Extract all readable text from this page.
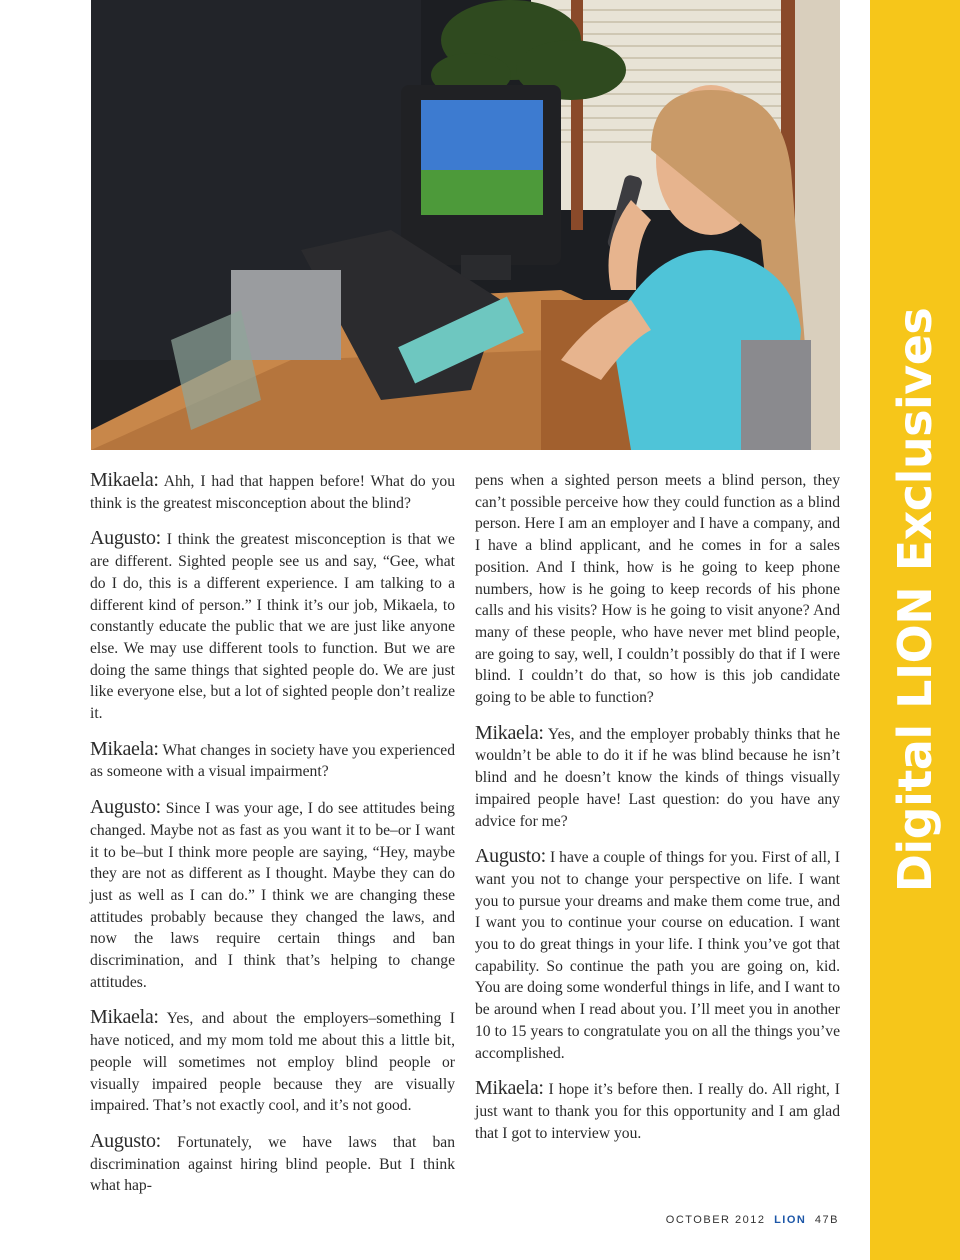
Digital LION Exclusives

Mikaela: Ahh, I had that happen before! What do you think is the greatest misconception about the blind?

Augusto: I think the greatest misconception is that we are different. Sighted people see us and say, “Gee, what do I do, this is a different experience. I am talking to a different kind of person.” I think it’s our job, Mikaela, to constantly educate the public that we are just like anyone else. We may use different tools to function. But we are doing the same things that sighted people do. We are just like everyone else, but a lot of sighted people don’t realize it.

Mikaela: What changes in society have you experienced as someone with a visual impairment?

Augusto: Since I was your age, I do see attitudes being changed. Maybe not as fast as you want it to be–or I want it to be–but I think more people are saying, “Hey, maybe they are not as different as I thought. Maybe they can do just as well as I can do.” I think we are changing these attitudes probably because they changed the laws, and now the laws require certain things and ban discrimination, and I think that’s helping to change attitudes.

Mikaela: Yes, and about the employers–something I have noticed, and my mom told me about this a little bit, people will sometimes not employ blind people or visually impaired people because they are visually impaired. That’s not exactly cool, and it’s not good.

Augusto: Fortunately, we have laws that ban discrimination against hiring blind people. But I think what hap-

pens when a sighted person meets a blind person, they can’t possible perceive how they could function as a blind person. Here I am an employer and I have a company, and I have a blind applicant, and he comes in for a sales position. And I think, how is he going to keep phone numbers, how is he going to keep records of his phone calls and his visits? How is he going to visit anyone? And many of these people, who have never met blind people, are going to say, well, I couldn’t possibly do that if I were blind. I couldn’t do that, so how is this job candidate going to be able to function?

Mikaela: Yes, and the employer probably thinks that he wouldn’t be able to do it if he was blind because he isn’t blind and he doesn’t know the kinds of things visually impaired people have! Last question: do you have any advice for me?

Augusto: I have a couple of things for you. First of all, I want you not to change your perspective on life. I want you to pursue your dreams and make them come true, and I want you to continue your course on education. I want you to do great things in your life. I think you’ve got that capability. So continue the path you are going on, kid. You are doing some wonderful things in life, and I want to be around when I read about you. I’ll meet you in another 10 to 15 years to congratulate you on all the things you’ve accomplished.

Mikaela: I hope it’s before then. I really do. All right, I just want to thank you for this opportunity and I am glad that I got to interview you.

OCTOBER 2012 LION 47B
